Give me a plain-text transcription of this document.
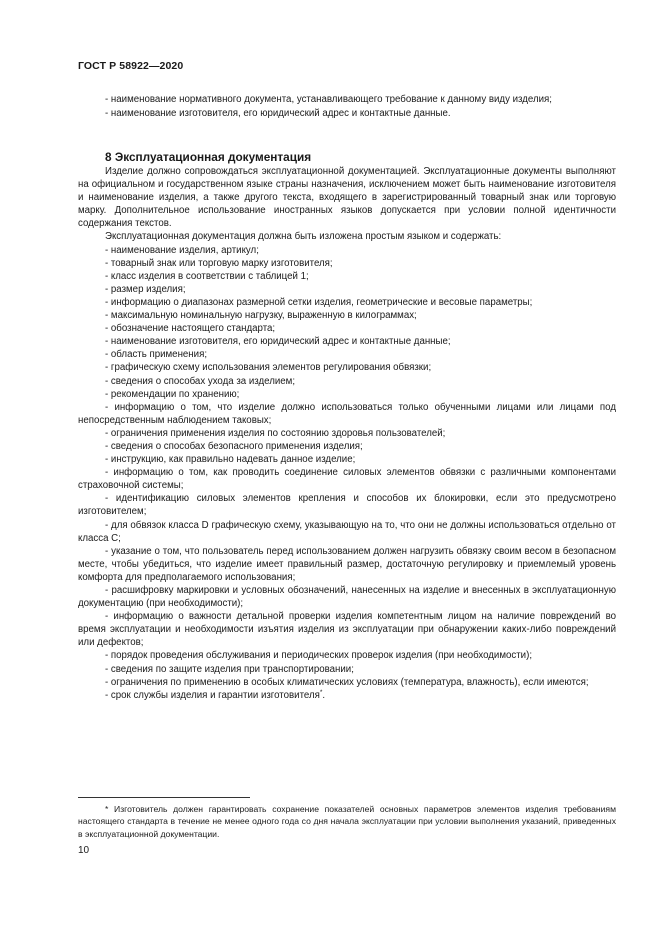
ГОСТ Р 58922—2020

- наименование нормативного документа, устанавливающего требование к данному виду изделия;

- наименование изготовителя, его юридический адрес и контактные данные.

8 Эксплуатационная документация

Изделие должно сопровождаться эксплуатационной документацией. Эксплуатационные документы выполняют на официальном и государственном языке страны назначения, исключением может быть наименование изготовителя и наименование изделия, а также другого текста, входящего в зарегистрированный товарный знак или торговую марку. Дополнительное использование иностранных языков допускается при условии полной идентичности содержания текстов.

Эксплуатационная документация должна быть изложена простым языком и содержать:

- наименование изделия, артикул;

- товарный знак или торговую марку изготовителя;

- класс изделия в соответствии с таблицей 1;

- размер изделия;

- информацию о диапазонах размерной сетки изделия, геометрические и весовые параметры;

- максимальную номинальную нагрузку, выраженную в килограммах;

- обозначение настоящего стандарта;

- наименование изготовителя, его юридический адрес и контактные данные;

- область применения;

- графическую схему использования элементов регулирования обвязки;

- сведения о способах ухода за изделием;

- рекомендации по хранению;

- информацию о том, что изделие должно использоваться только обученными лицами или лицами под непосредственным наблюдением таковых;

- ограничения применения изделия по состоянию здоровья пользователей;

- сведения о способах безопасного применения изделия;

- инструкцию, как правильно надевать данное изделие;

- информацию о том, как проводить соединение силовых элементов обвязки с различными компонентами страховочной системы;

- идентификацию силовых элементов крепления и способов их блокировки, если это предусмотрено изготовителем;

- для обвязок класса D графическую схему, указывающую на то, что они не должны использоваться отдельно от класса C;

- указание о том, что пользователь перед использованием должен нагрузить обвязку своим весом в безопасном месте, чтобы убедиться, что изделие имеет правильный размер, достаточную регулировку и приемлемый уровень комфорта для предполагаемого использования;

- расшифровку маркировки и условных обозначений, нанесенных на изделие и внесенных в эксплуатационную документацию (при необходимости);

- информацию о важности детальной проверки изделия компетентным лицом на наличие повреждений во время эксплуатации и необходимости изъятия изделия из эксплуатации при обнаружении каких-либо повреждений или дефектов;

- порядок проведения обслуживания и периодических проверок изделия (при необходимости);

- сведения по защите изделия при транспортировании;

- ограничения по применению в особых климатических условиях (температура, влажность), если имеются;

- срок службы изделия и гарантии изготовителя*.

* Изготовитель должен гарантировать сохранение показателей основных параметров элементов изделия требованиям настоящего стандарта в течение не менее одного года со дня начала эксплуатации при условии выполнения указаний, приведенных в эксплуатационной документации.

10
